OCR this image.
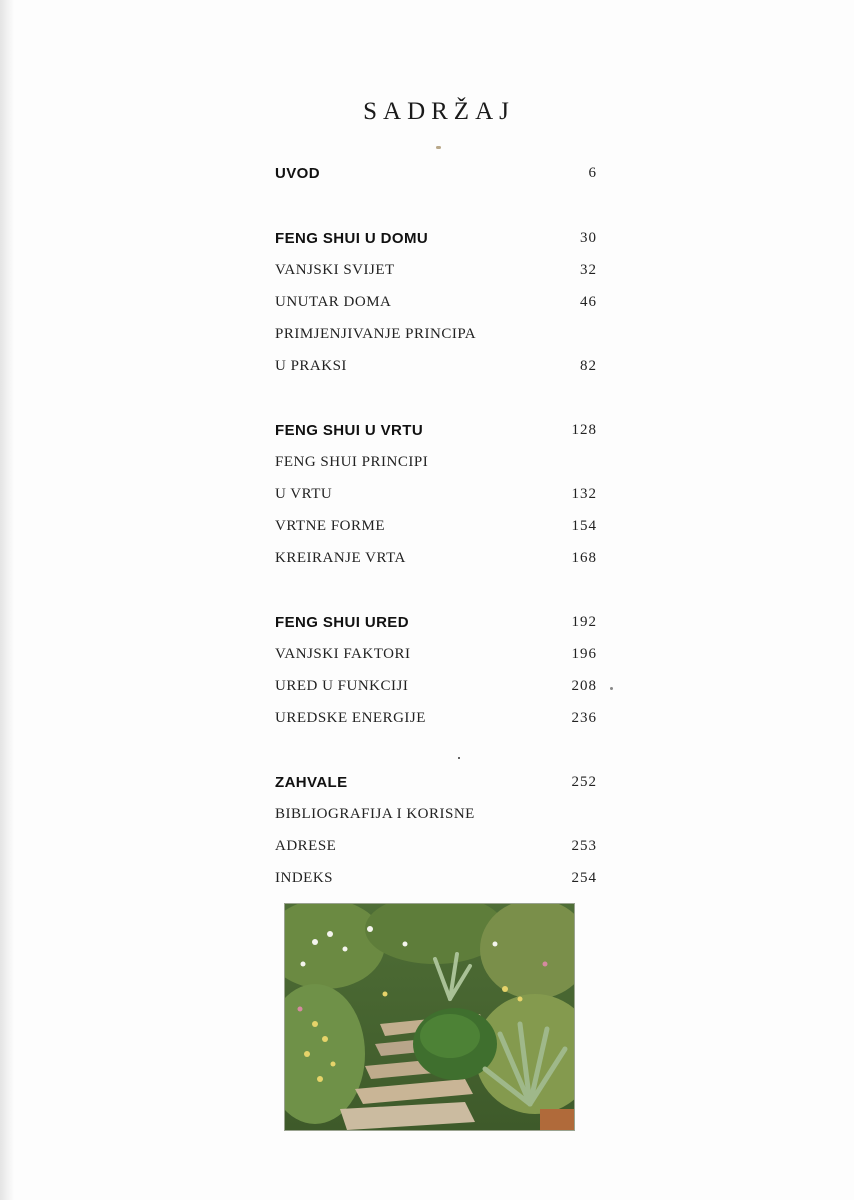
SADRŽAJ
UVOD	6
FENG SHUI U DOMU	30
VANJSKI SVIJET	32
UNUTAR DOMA	46
PRIMJENJIVANJE PRINCIPA
U PRAKSI	82
FENG SHUI U VRTU	128
FENG SHUI PRINCIPI
U VRTU	132
VRTNE FORME	154
KREIRANJE VRTA	168
FENG SHUI URED	192
VANJSKI FAKTORI	196
URED U FUNKCIJI	208
UREDSKE ENERGIJE	236
ZAHVALE	252
BIBLIOGRAFIJA I KORISNE
ADRESE	253
INDEKS	254
